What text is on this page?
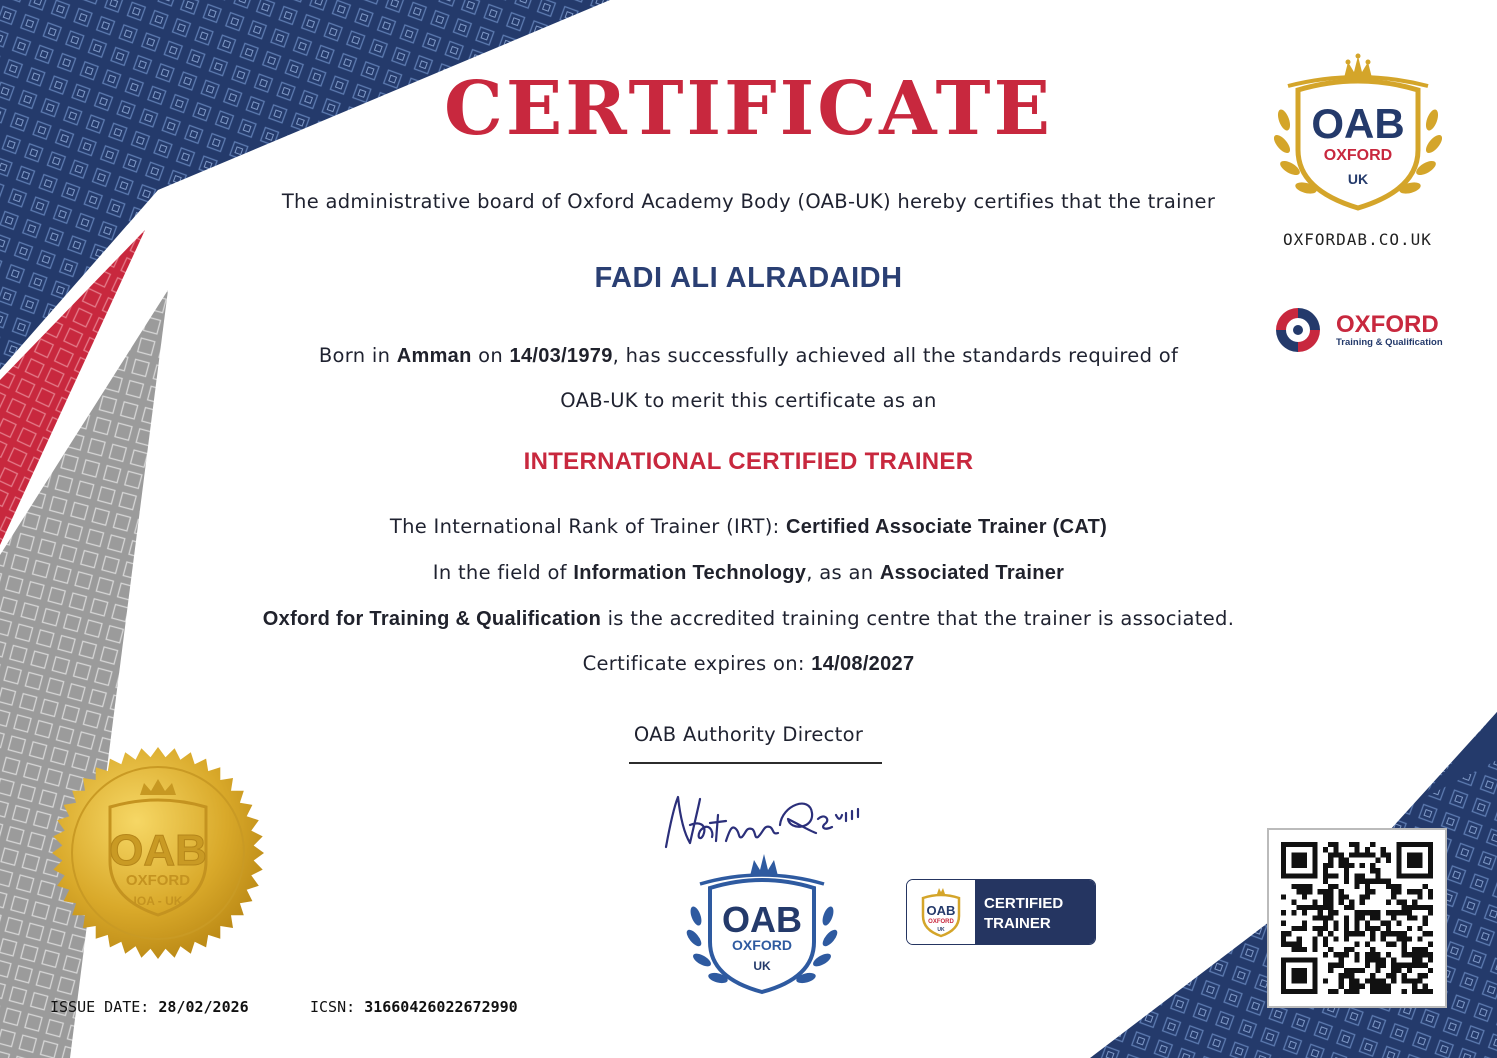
CERTIFICATE
The administrative board of Oxford Academy Body (OAB-UK) hereby certifies that the trainer
FADI ALI ALRADAIDH
Born in Amman on 14/03/1979, has successfully achieved all the standards required of
OAB-UK to merit this certificate as an
INTERNATIONAL CERTIFIED TRAINER
The International Rank of Trainer (IRT): Certified Associate Trainer (CAT)
In the field of Information Technology, as an Associated Trainer
Oxford for Training & Qualification is the accredited training centre that the trainer is associated.
Certificate expires on: 14/08/2027
OAB Authority Director
OAB
OXFORD
UK
OXFORDAB.CO.UK
OXFORD
Training & Qualification
OAB
OXFORD
IOA - UK	OAB
OXFORD
UK
OAB
OXFORD
UK
CERTIFIED
TRAINER
ISSUE DATE: 28/02/2026	ICSN: 31660426022672990
